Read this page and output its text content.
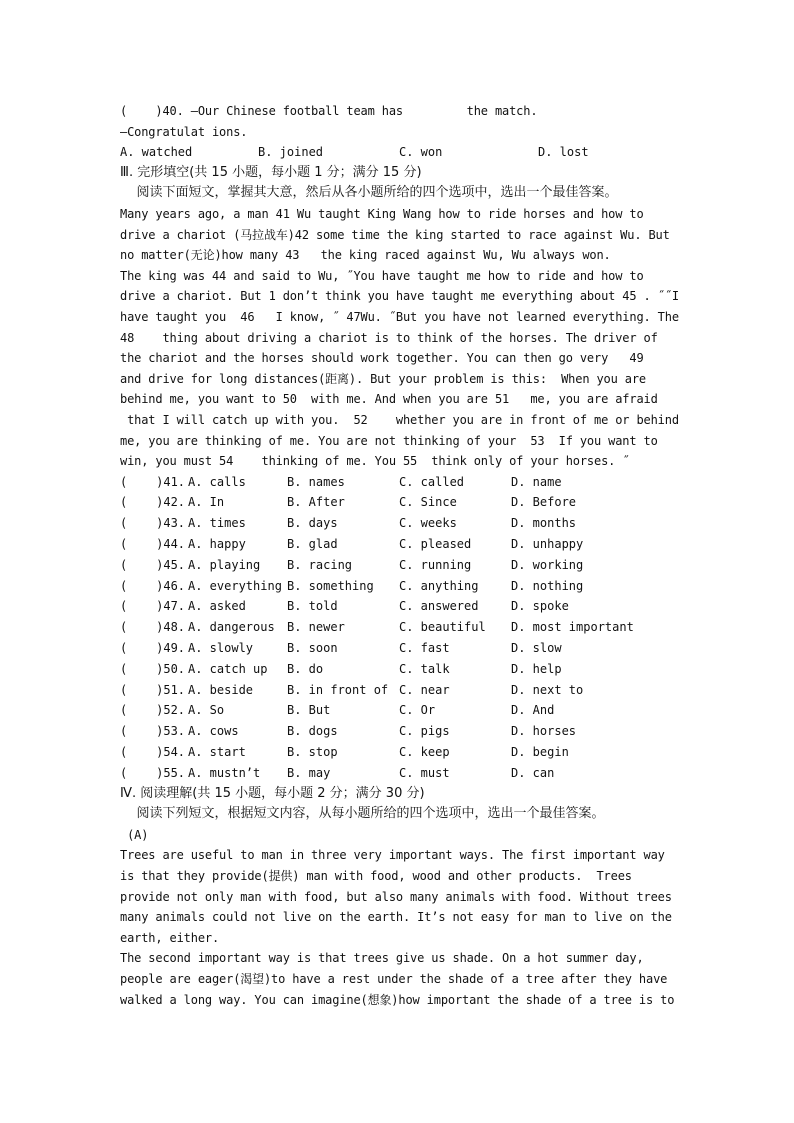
(    )40. —Our Chinese football team has         the match.
—Congratulat ions.

A. watched

	B. joined

	C. won

	D. lost

Ⅲ. 完形填空(共 15 小题，每小题 1 分；满分 15 分)
阅读下面短文，掌握其大意，然后从各小题所给的四个选项中，选出一个最佳答案。
Many years ago, a man 41 Wu taught King Wang how to ride horses and how to
drive a chariot (马拉战车)42 some time the king started to race against Wu. But
no matter(无论)how many 43   the king raced against Wu, Wu always won.
The king was 44 and said to Wu, ˝You have taught me how to ride and how to
drive a chariot. But 1 don’t think you have taught me everything about 45 . ˝˝I
have taught you  46   I know, ˝ 47Wu. ˝But you have not learned everything. The
48    thing about driving a chariot is to think of the horses. The driver of
the chariot and the horses should work together. You can then go very   49
and drive for long distances(距离). But your problem is this:  When you are
behind me, you want to 50  with me. And when you are 51   me, you are afraid
that I will catch up with you.  52    whether you are in front of me or behind
me, you are thinking of me. You are not thinking of your  53  If you want to
win, you must 54    thinking of me. You 55  think only of your horses. ˝
(    )41. A. calls	B. names	C. called	D. name
(    )42. A. In	B. After	C. Since	D. Before
(    )43. A. times	B. days	C. weeks	D. months
(    )44. A. happy	B. glad	C. pleased	D. unhappy
(    )45. A. playing B. racing	C. running	D. working
(    )46. A. everything B. something C. anything	D. nothing
(    )47. A. asked	B. told	C. answered	D. spoke
(    )48. A. dangerous B. newer	C. beautiful D. most important
(    )49. A. slowly	B. soon	C. fast	D. slow
(    )50. A. catch up B. do	C. talk	D. help
(    )51. A. beside	B. in front of C. near	D. next to
(    )52. A. So	B. But	C. Or	D. And
(    )53. A. cows	B. dogs	C. pigs	D. horses
(    )54. A. start	B. stop	C. keep	D. begin
(    )55. A. mustn’t B. may	C. must	D. can
Ⅳ. 阅读理解(共 15 小题，每小题 2 分；满分 30 分)
阅读下列短文，根据短文内容，从每小题所给的四个选项中，选出一个最佳答案。
(A)
Trees are useful to man in three very important ways. The first important way
is that they provide(提供) man with food, wood and other products.  Trees
provide not only man with food, but also many animals with food. Without trees
many animals could not live on the earth. It’s not easy for man to live on the
earth, either.
The second important way is that trees give us shade. On a hot summer day,
people are eager(渴望)to have a rest under the shade of a tree after they have
walked a long way. You can imagine(想象)how important the shade of a tree is to
